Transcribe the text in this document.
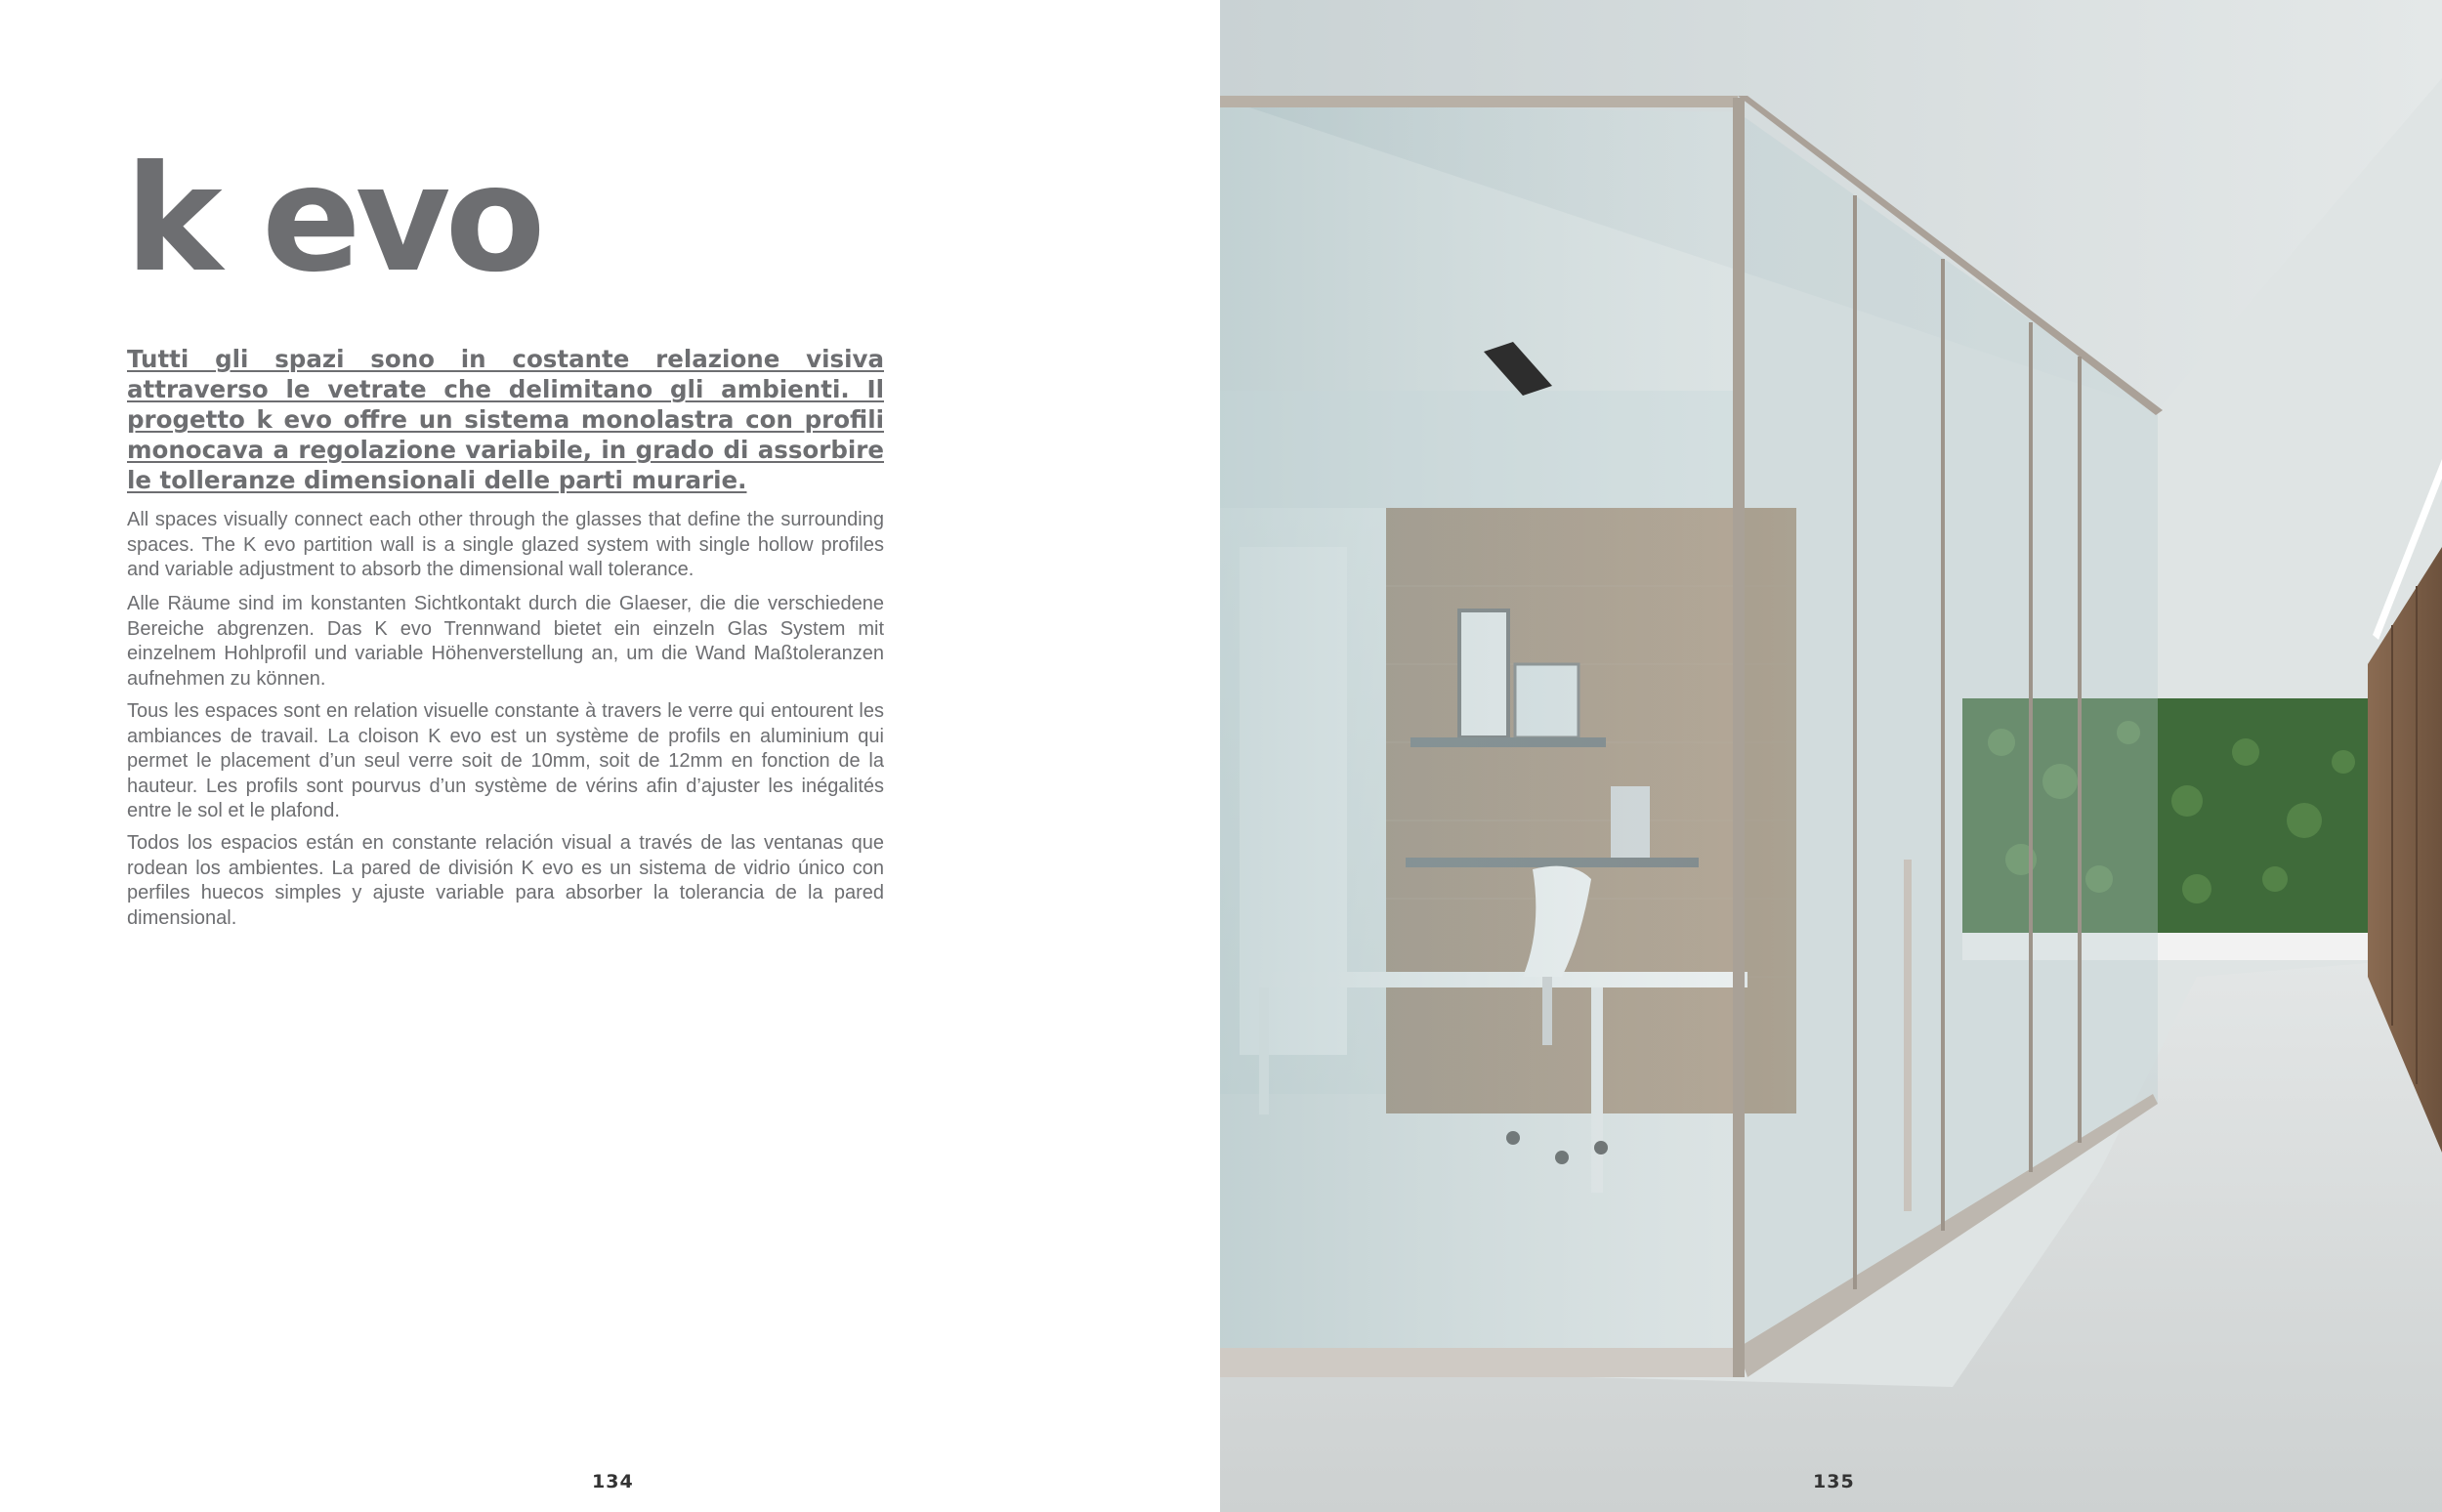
k evo
Tutti gli spazi sono in costante relazione visiva attraverso le vetrate che delimitano gli ambienti. Il progetto k evo offre un sistema monolastra con profili monocava a regolazione variabile, in grado di assorbire le tolleranze dimensionali delle parti murarie.

All spaces visually connect each other through the glasses that define the surrounding spaces. The K evo partition wall is a single glazed system with single hollow profiles and variable adjustment to absorb the dimensional wall tolerance.

Alle Räume sind im konstanten Sichtkontakt durch die Glaeser, die die verschiedene Bereiche abgrenzen. Das K evo Trennwand bietet ein einzeln Glas System mit einzelnem Hohlprofil und variable Höhenverstellung an, um die Wand Maßtoleranzen aufnehmen zu können.

Tous les espaces sont en relation visuelle constante à travers le verre qui entourent les ambiances de travail. La cloison K evo est un système de profils en aluminium qui permet le placement d’un seul verre soit de 10mm, soit de 12mm en fonction de la hauteur. Les profils sont pourvus d’un système de vérins afin d’ajuster les inégalités entre le sol et le plafond.

Todos los espacios están en constante relación visual a través de las ventanas que rodean los ambientes. La pared de división K evo es un sistema de vidrio único con perfiles huecos simples y ajuste variable para absorber la tolerancia de la pared dimensional.

134	135
